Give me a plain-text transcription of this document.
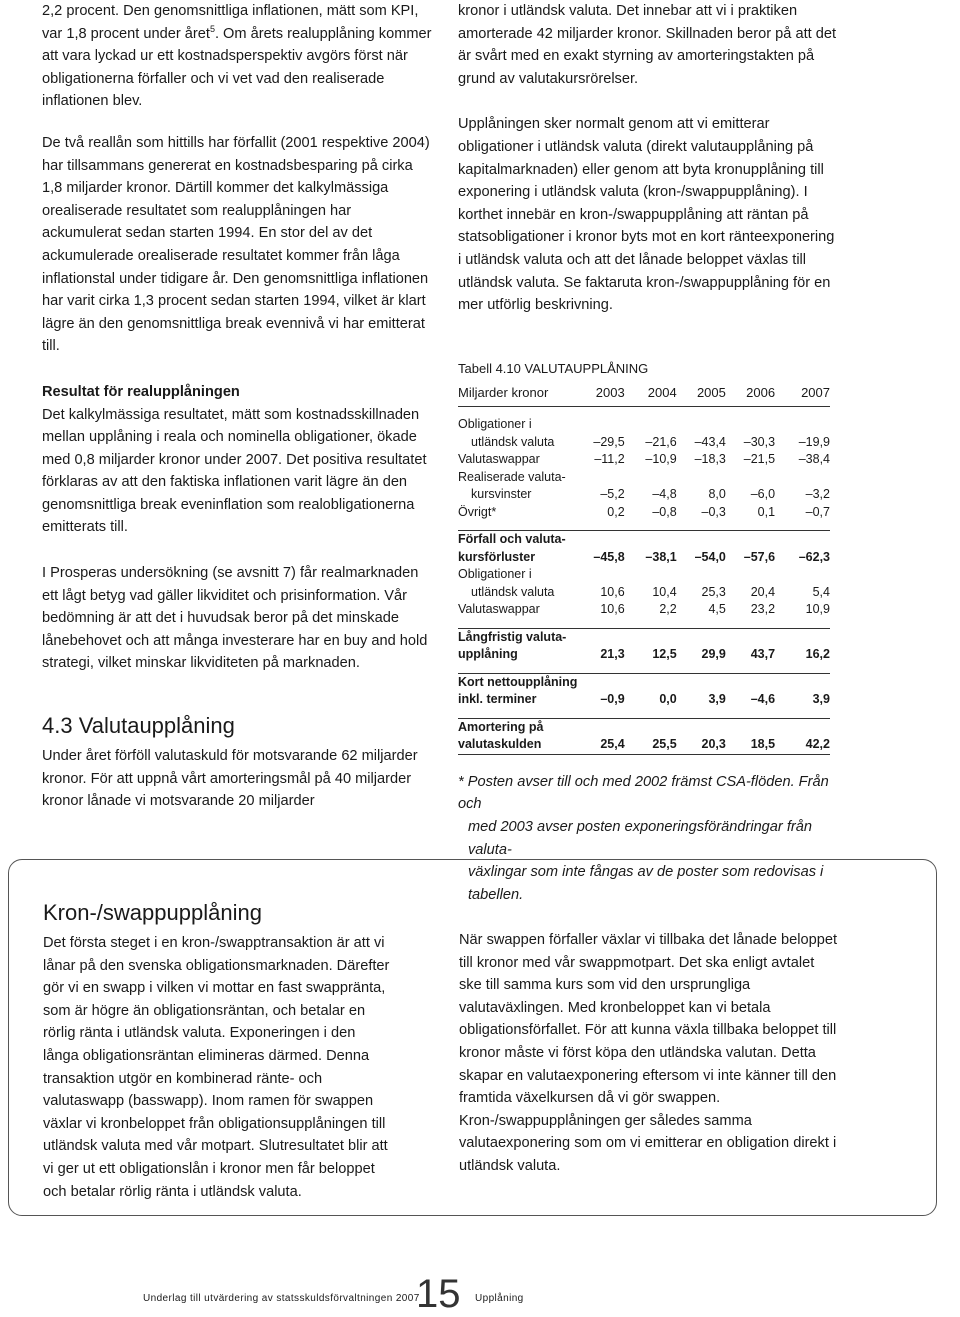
2,2 procent. Den genomsnittliga inflationen, mätt som KPI, var 1,8 procent under året$^5$. Om årets realupplåning kommer att vara lyckad ur ett kostnadsperspektiv avgörs först när obligationerna förfaller och vi vet vad den realiserade inflationen blev.

De två reallån som hittills har förfallit (2001 respektive 2004) har tillsammans genererat en kostnadsbesparing på cirka 1,8 miljarder kronor. Därtill kommer det kalkylmässiga orealiserade resultatet som realupplåningen har ackumulerat sedan starten 1994. En stor del av det ackumulerade orealiserade resultatet kommer från låga inflationstal under tidigare år. Den genomsnittliga inflationen har varit cirka 1,3 procent sedan starten 1994, vilket är klart lägre än den genomsnittliga break evennivå vi har emitterat till.

Resultat för realupplåningen

Det kalkylmässiga resultatet, mätt som kostnadsskillnaden mellan upplåning i reala och nominella obligationer, ökade med 0,8 miljarder kronor under 2007. Det positiva resultatet förklaras av att den faktiska inflationen varit lägre än den genomsnittliga break eveninflation som realobligationerna emitterats till.

I Prosperas undersökning (se avsnitt 7) får realmarknaden ett lågt betyg vad gäller likviditet och prisinformation. Vår bedömning är att det i huvudsak beror på det minskade lånebehovet och att många investerare har en buy and hold strategi, vilket minskar likviditeten på marknaden.

4.3 Valutaupplåning

Under året förföll valutaskuld för motsvarande 62 miljarder kronor. För att uppnå vårt amorteringsmål på 40 miljarder kronor lånade vi motsvarande 20 miljarder

kronor i utländsk valuta. Det innebar att vi i praktiken amorterade 42 miljarder kronor. Skillnaden beror på att det är svårt med en exakt styrning av amorteringstakten på grund av valutakursrörelser.

Upplåningen sker normalt genom att vi emitterar obligationer i utländsk valuta (direkt valutaupplåning på kapitalmarknaden) eller genom att byta kronupplåning till exponering i utländsk valuta (kron-/swappupplåning). I korthet innebär en kron-/swappupplåning att räntan på statsobligationer i kronor byts mot en kort ränteexponering i utländsk valuta och att det lånade beloppet växlas till utländsk valuta. Se faktaruta kron-/swappupplåning för en mer utförlig beskrivning.

Tabell 4.10 VALUTAUPPLÅNING

Miljarder kronor	2003	2004	2005	2006	2007

Obligationer i					
utländsk valuta	–29,5	–21,6	–43,4	–30,3	–19,9
Valutaswappar	–11,2	–10,9	–18,3	–21,5	–38,4
Realiserade valuta-					
kursvinster	–5,2	–4,8	8,0	–6,0	–3,2
Övrigt*	0,2	–0,8	–0,3	0,1	–0,7

Förfall och valuta-					
kursförluster	–45,8	–38,1	–54,0	–57,6	–62,3
Obligationer i					
utländsk valuta	10,6	10,4	25,3	20,4	5,4
Valutaswappar	10,6	2,2	4,5	23,2	10,9

Långfristig valuta-					
upplåning	21,3	12,5	29,9	43,7	16,2

Kort nettoupplåning					
inkl. terminer	–0,9	0,0	3,9	–4,6	3,9

Amortering på					
valutaskulden	25,4	25,5	20,3	18,5	42,2

* Posten avser till och med 2002 främst CSA-flöden. Från och
med 2003 avser posten exponeringsförändringar från valuta-
växlingar som inte fångas av de poster som redovisas i tabellen.

Kron-/swappupplåning

Det första steget i en kron-/swapptransaktion är att vi lånar på den svenska obligationsmarknaden. Därefter gör vi en swapp i vilken vi mottar en fast swappränta, som är högre än obligationsräntan, och betalar en rörlig ränta i utländsk valuta. Exponeringen i den långa obligationsräntan elimineras därmed. Denna transaktion utgör en kombinerad ränte- och valutaswapp (basswapp). Inom ramen för swappen växlar vi kronbeloppet från obligationsupplåningen till utländsk valuta med vår motpart. Slutresultatet blir att vi ger ut ett obligationslån i kronor men får beloppet och betalar rörlig ränta i utländsk valuta.

När swappen förfaller växlar vi tillbaka det lånade beloppet till kronor med vår swappmotpart. Det ska enligt avtalet ske till samma kurs som vid den ursprungliga valutaväxlingen. Med kronbeloppet kan vi betala obligationsförfallet. För att kunna växla tillbaka beloppet till kronor måste vi först köpa den utländska valutan. Detta skapar en valutaexponering eftersom vi inte känner till den framtida växelkursen då vi gör swappen. Kron-/swappupplåningen ger således samma valutaexponering som om vi emitterar en obligation direkt i utländsk valuta.

Underlag till utvärdering av statsskuldsförvaltningen 2007
15 Upplåning
